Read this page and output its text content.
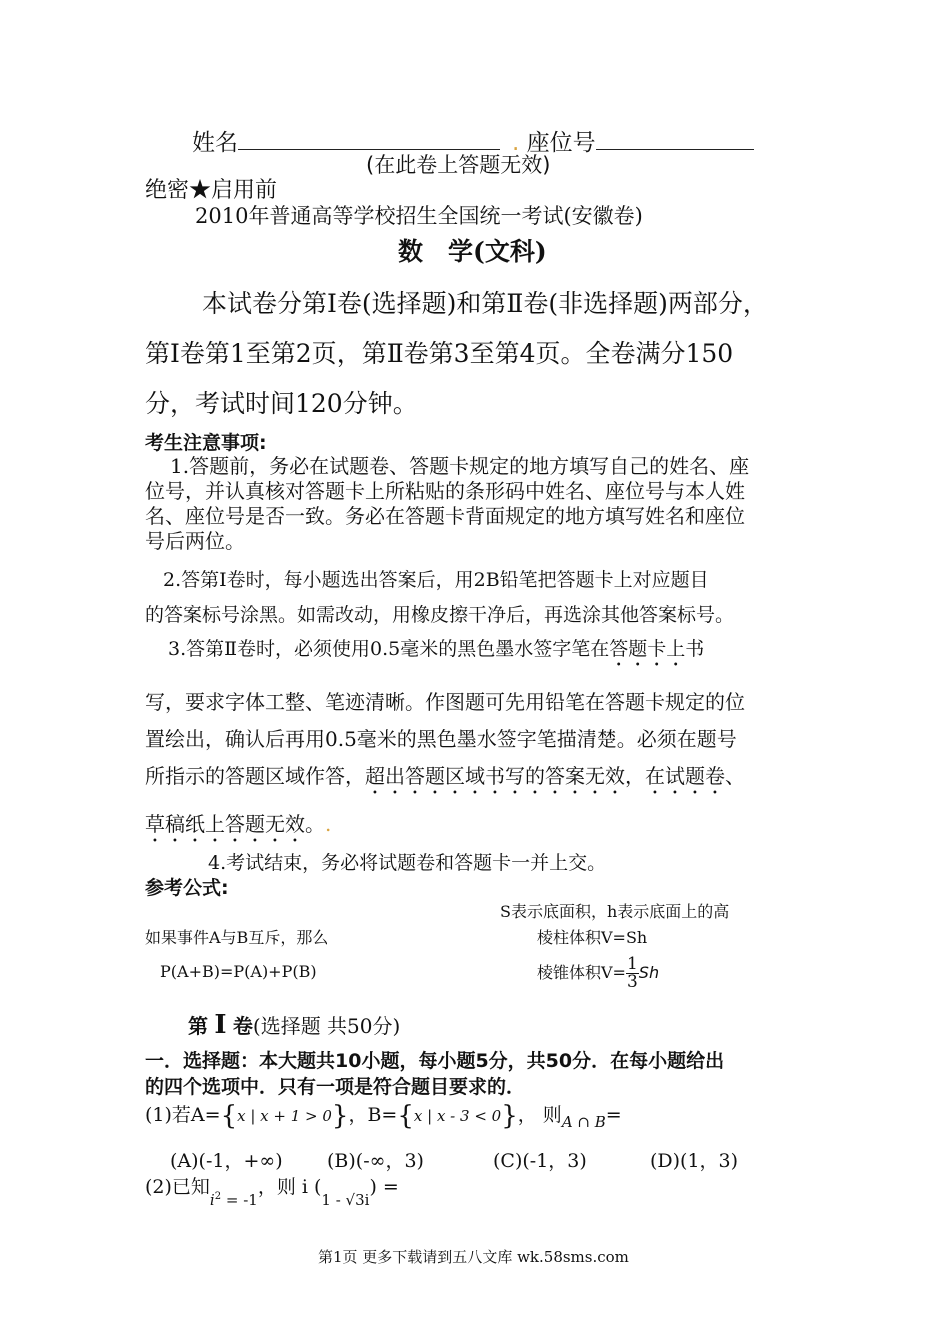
姓名	. 座位号
(在此卷上答题无效)
绝密★启用前
2010年普通高等学校招生全国统一考试(安徽卷)
数　学(文科)
本试卷分第Ⅰ卷(选择题)和第Ⅱ卷(非选择题)两部分，
第Ⅰ卷第1至第2页，第Ⅱ卷第3至第4页。全卷满分150
分，考试时间120分钟。
考生注意事项:
1.答题前，务必在试题卷、答题卡规定的地方填写自己的姓名、座
位号，并认真核对答题卡上所粘贴的条形码中姓名、座位号与本人姓
名、座位号是否一致。务必在答题卡背面规定的地方填写姓名和座位
号后两位。
2.答第Ⅰ卷时，每小题选出答案后，用2B铅笔把答题卡上对应题目
的答案标号涂黑。如需改动，用橡皮擦干净后，再选涂其他答案标号。
3.答第Ⅱ卷时，必须使用0.5毫米的黑色墨水签字笔在答题卡上书
写，要求字体工整、笔迹清晰。作图题可先用铅笔在答题卡规定的位
置绘出，确认后再用0.5毫米的黑色墨水签字笔描清楚。必须在题号
所指示的答题区域作答，超出答题区域书写的答案无效，在试题卷、
草稿纸上答题无效。.
4.考试结束，务必将试题卷和答题卡一并上交。
参考公式:
S表示底面积，h表示底面上的高
如果事件A与B互斥，那么	棱柱体积V=Sh
P(A+B)=P(A)+P(B)	棱锥体积$V= \frac{1}{3}$ Sh
第 Ⅰ 卷(选择题 共50分)
一．选择题：本大题共10小题，每小题5分，共50分．在每小题给出
的四个选项中．只有一项是符合题目要求的．
(1)若A={x | x + 1 > 0}，B={x | x - 3 < 0}， 则$_{A \cap B}$=
(A)(-1，+∞) (B)(-∞，3)	(C)(-1，3)	(D)(1，3)
(2)已知$_{i^2 = -1}$，则 i $(_{1 - √3i})$ =
第1页 更多下载请到五八文库 wk.58sms.com
